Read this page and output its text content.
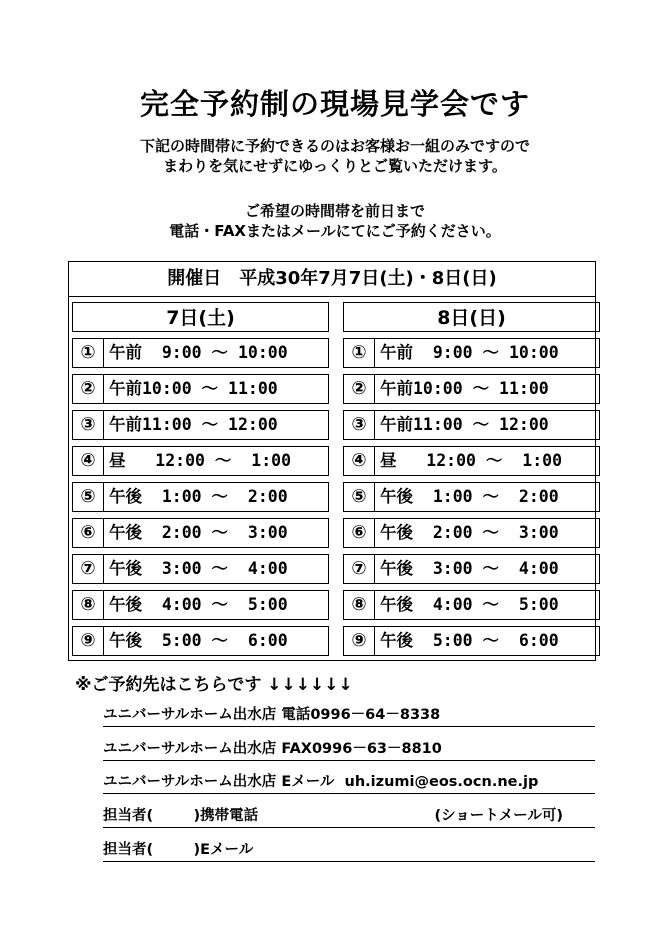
完全予約制の現場見学会です
下記の時間帯に予約できるのはお客様お一組のみですので
まわりを気にせずにゆっくりとご覧いただけます。
ご希望の時間帯を前日まで
電話・FAXまたはメールにてにご予約ください。
開催日　平成30年7月7日(土)・8日(日)
7日(土)
① 午前  9:00 ～ 10:00
② 午前10:00 ～ 11:00
③ 午前11:00 ～ 12:00
④ 昼   12:00 ～  1:00
⑤ 午後  1:00 ～  2:00
⑥ 午後  2:00 ～  3:00
⑦ 午後  3:00 ～  4:00
⑧ 午後  4:00 ～  5:00
⑨ 午後  5:00 ～  6:00
8日(日)
① 午前  9:00 ～ 10:00
② 午前10:00 ～ 11:00
③ 午前11:00 ～ 12:00
④ 昼   12:00 ～  1:00
⑤ 午後  1:00 ～  2:00
⑥ 午後  2:00 ～  3:00
⑦ 午後  3:00 ～  4:00
⑧ 午後  4:00 ～  5:00
⑨ 午後  5:00 ～  6:00
※ご予約先はこちらです ↓↓↓↓↓↓
ユニバーサルホーム出水店 電話0996－64－8338
ユニバーサルホーム出水店 FAX0996－63－8810
ユニバーサルホーム出水店 Eメール  uh.izumi@eos.ocn.ne.jp
担当者(        )携帯電話	(ショートメール可)
担当者(        )Eメール
